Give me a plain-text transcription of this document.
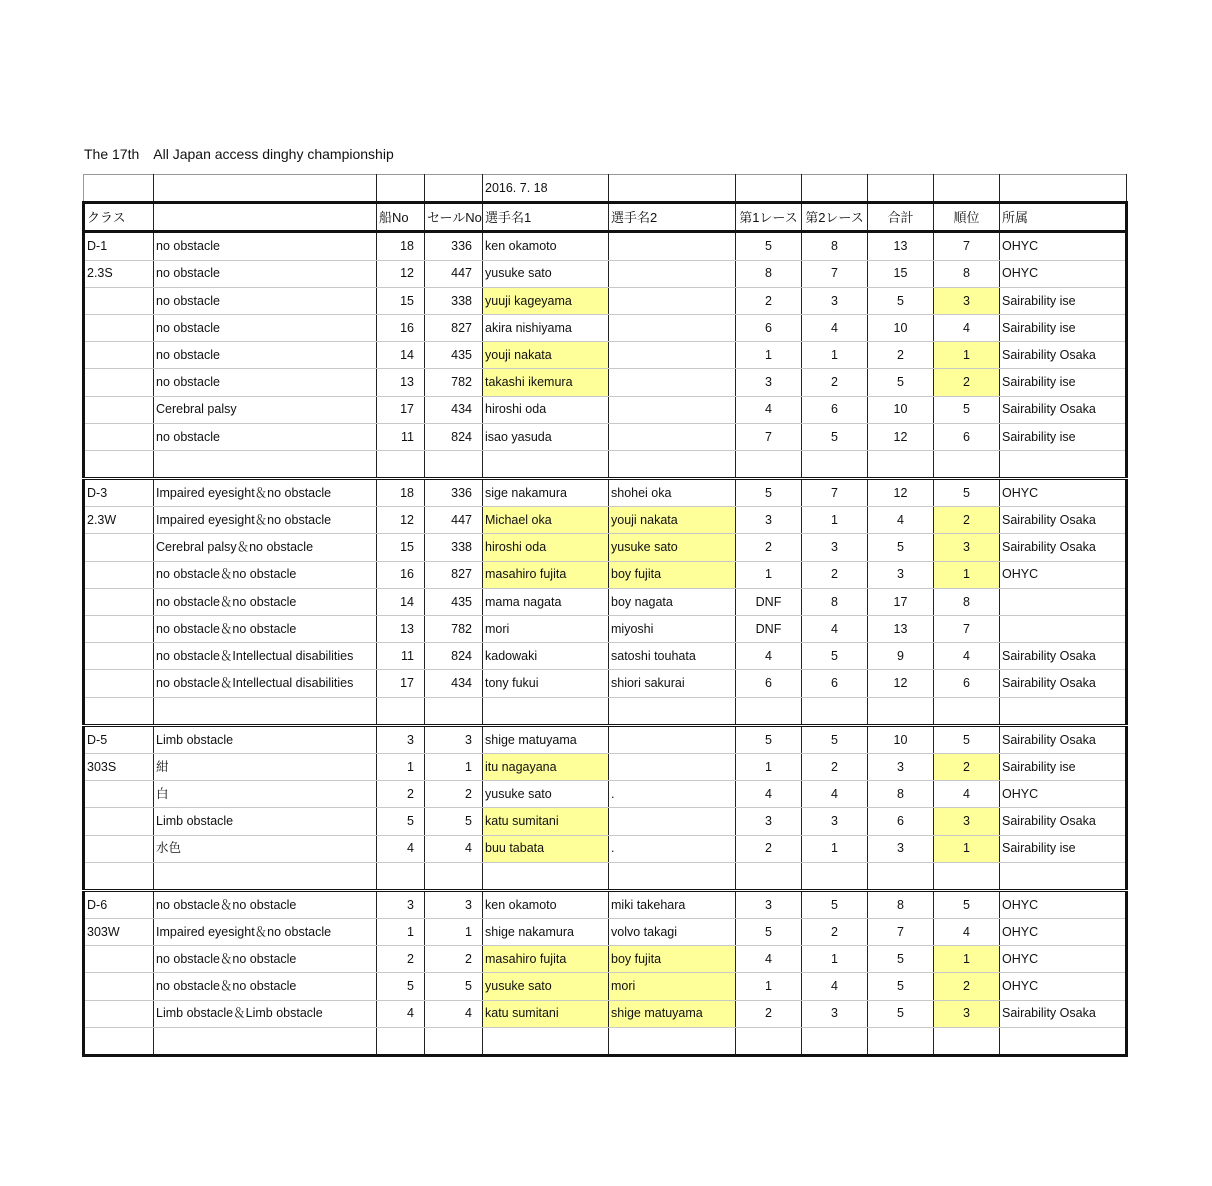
The 17th All Japan access dinghy championship
				2016. 7. 18						
クラス		船No	セールNo	選手名1	選手名2	第1レース	第2レース	合計	順位	所属
D-1	no obstacle	18	336	ken okamoto		5	8	13	7	OHYC
2.3S	no obstacle	12	447	yusuke sato		8	7	15	8	OHYC
	no obstacle	15	338	yuuji kageyama		2	3	5	3	Sairability ise
	no obstacle	16	827	akira nishiyama		6	4	10	4	Sairability ise
	no obstacle	14	435	youji nakata		1	1	2	1	Sairability Osaka
	no obstacle	13	782	takashi ikemura		3	2	5	2	Sairability ise
	Cerebral palsy	17	434	hiroshi oda		4	6	10	5	Sairability Osaka
	no obstacle	11	824	isao yasuda		7	5	12	6	Sairability ise

D-3	Impaired eyesight＆no obstacle	18	336	sige nakamura	shohei oka	5	7	12	5	OHYC
2.3W	Impaired eyesight＆no obstacle	12	447	Michael oka	youji nakata	3	1	4	2	Sairability Osaka
	Cerebral palsy＆no obstacle	15	338	hiroshi oda	yusuke sato	2	3	5	3	Sairability Osaka
	no obstacle＆no obstacle	16	827	masahiro fujita	boy fujita	1	2	3	1	OHYC
	no obstacle＆no obstacle	14	435	mama nagata	boy nagata	DNF	8	17	8	
	no obstacle＆no obstacle	13	782	mori	miyoshi	DNF	4	13	7	
	no obstacle＆Intellectual disabilities	11	824	kadowaki	satoshi touhata	4	5	9	4	Sairability Osaka
	no obstacle＆Intellectual disabilities	17	434	tony fukui	shiori sakurai	6	6	12	6	Sairability Osaka

D-5	Limb obstacle	3	3	shige matuyama		5	5	10	5	Sairability Osaka
303S	紺	1	1	itu nagayana		1	2	3	2	Sairability ise
	白	2	2	yusuke sato	.	4	4	8	4	OHYC
	Limb obstacle	5	5	katu sumitani		3	3	6	3	Sairability Osaka
	水色	4	4	buu tabata	.	2	1	3	1	Sairability ise

D-6	no obstacle＆no obstacle	3	3	ken okamoto	miki takehara	3	5	8	5	OHYC
303W	Impaired eyesight＆no obstacle	1	1	shige nakamura	volvo takagi	5	2	7	4	OHYC
	no obstacle＆no obstacle	2	2	masahiro fujita	boy fujita	4	1	5	1	OHYC
	no obstacle＆no obstacle	5	5	yusuke sato	mori	1	4	5	2	OHYC
	Limb obstacle＆Limb obstacle	4	4	katu sumitani	shige matuyama	2	3	5	3	Sairability Osaka
